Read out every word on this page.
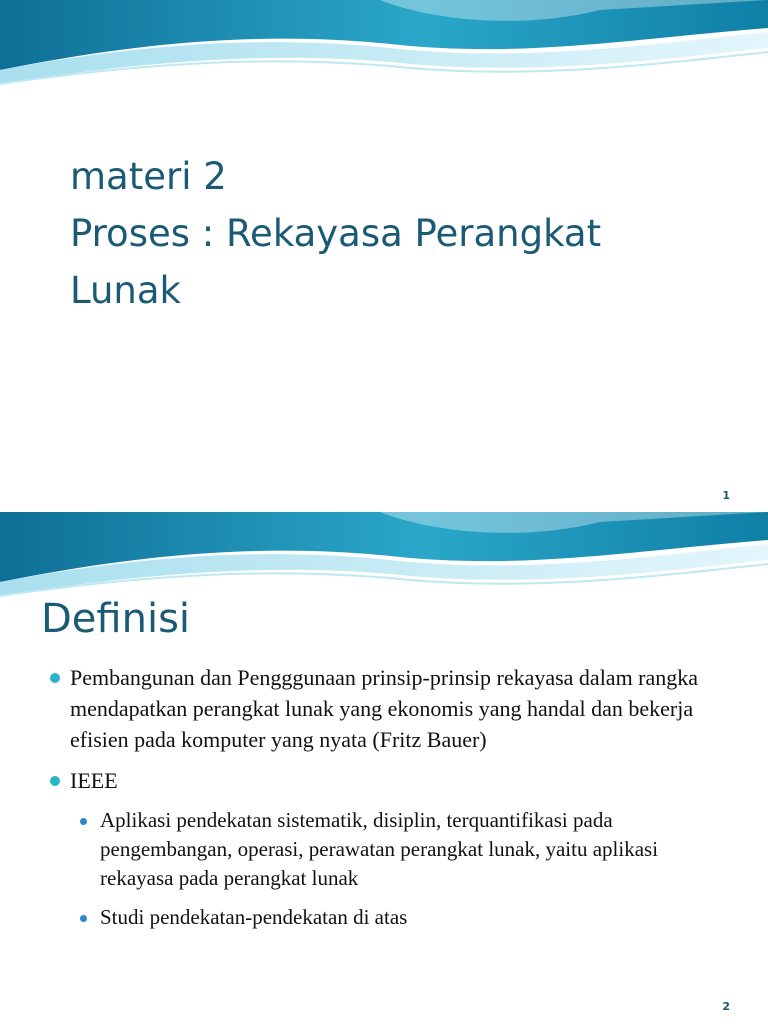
materi 2
Proses : Rekayasa Perangkat
Lunak
1
Definisi
Pembangunan dan Pengggunaan prinsip-prinsip rekayasa dalam rangka mendapatkan perangkat lunak yang ekonomis yang handal dan bekerja efisien pada komputer yang nyata (Fritz Bauer)
IEEE
Aplikasi pendekatan sistematik, disiplin, terquantifikasi pada pengembangan, operasi, perawatan perangkat lunak, yaitu aplikasi rekayasa pada perangkat lunak
Studi pendekatan-pendekatan di atas
2
